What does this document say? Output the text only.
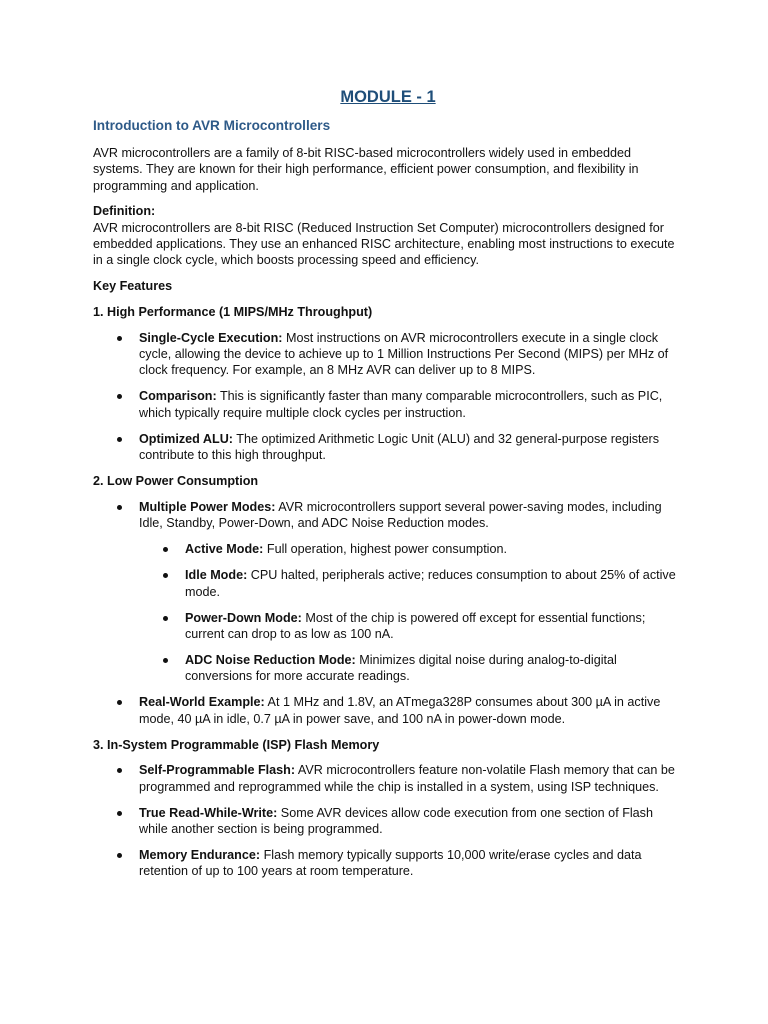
MODULE - 1
Introduction to AVR Microcontrollers

AVR microcontrollers are a family of 8-bit RISC-based microcontrollers widely used in embedded systems. They are known for their high performance, efficient power consumption, and flexibility in programming and application.

Definition:

AVR microcontrollers are 8-bit RISC (Reduced Instruction Set Computer) microcontrollers designed for embedded applications. They use an enhanced RISC architecture, enabling most instructions to execute in a single clock cycle, which boosts processing speed and efficiency.

Key Features
1. High Performance (1 MIPS/MHz Throughput)
Single-Cycle Execution: Most instructions on AVR microcontrollers execute in a single clock cycle, allowing the device to achieve up to 1 Million Instructions Per Second (MIPS) per MHz of clock frequency. For example, an 8 MHz AVR can deliver up to 8 MIPS.
Comparison: This is significantly faster than many comparable microcontrollers, such as PIC, which typically require multiple clock cycles per instruction.
Optimized ALU: The optimized Arithmetic Logic Unit (ALU) and 32 general-purpose registers contribute to this high throughput.
2. Low Power Consumption
Multiple Power Modes: AVR microcontrollers support several power-saving modes, including Idle, Standby, Power-Down, and ADC Noise Reduction modes.
Active Mode: Full operation, highest power consumption.
Idle Mode: CPU halted, peripherals active; reduces consumption to about 25% of active mode.
Power-Down Mode: Most of the chip is powered off except for essential functions; current can drop to as low as 100 nA.
ADC Noise Reduction Mode: Minimizes digital noise during analog-to-digital conversions for more accurate readings.
Real-World Example: At 1 MHz and 1.8V, an ATmega328P consumes about 300 µA in active mode, 40 µA in idle, 0.7 µA in power save, and 100 nA in power-down mode.
3. In-System Programmable (ISP) Flash Memory
Self-Programmable Flash: AVR microcontrollers feature non-volatile Flash memory that can be programmed and reprogrammed while the chip is installed in a system, using ISP techniques.
True Read-While-Write: Some AVR devices allow code execution from one section of Flash while another section is being programmed.
Memory Endurance: Flash memory typically supports 10,000 write/erase cycles and data retention of up to 100 years at room temperature.
